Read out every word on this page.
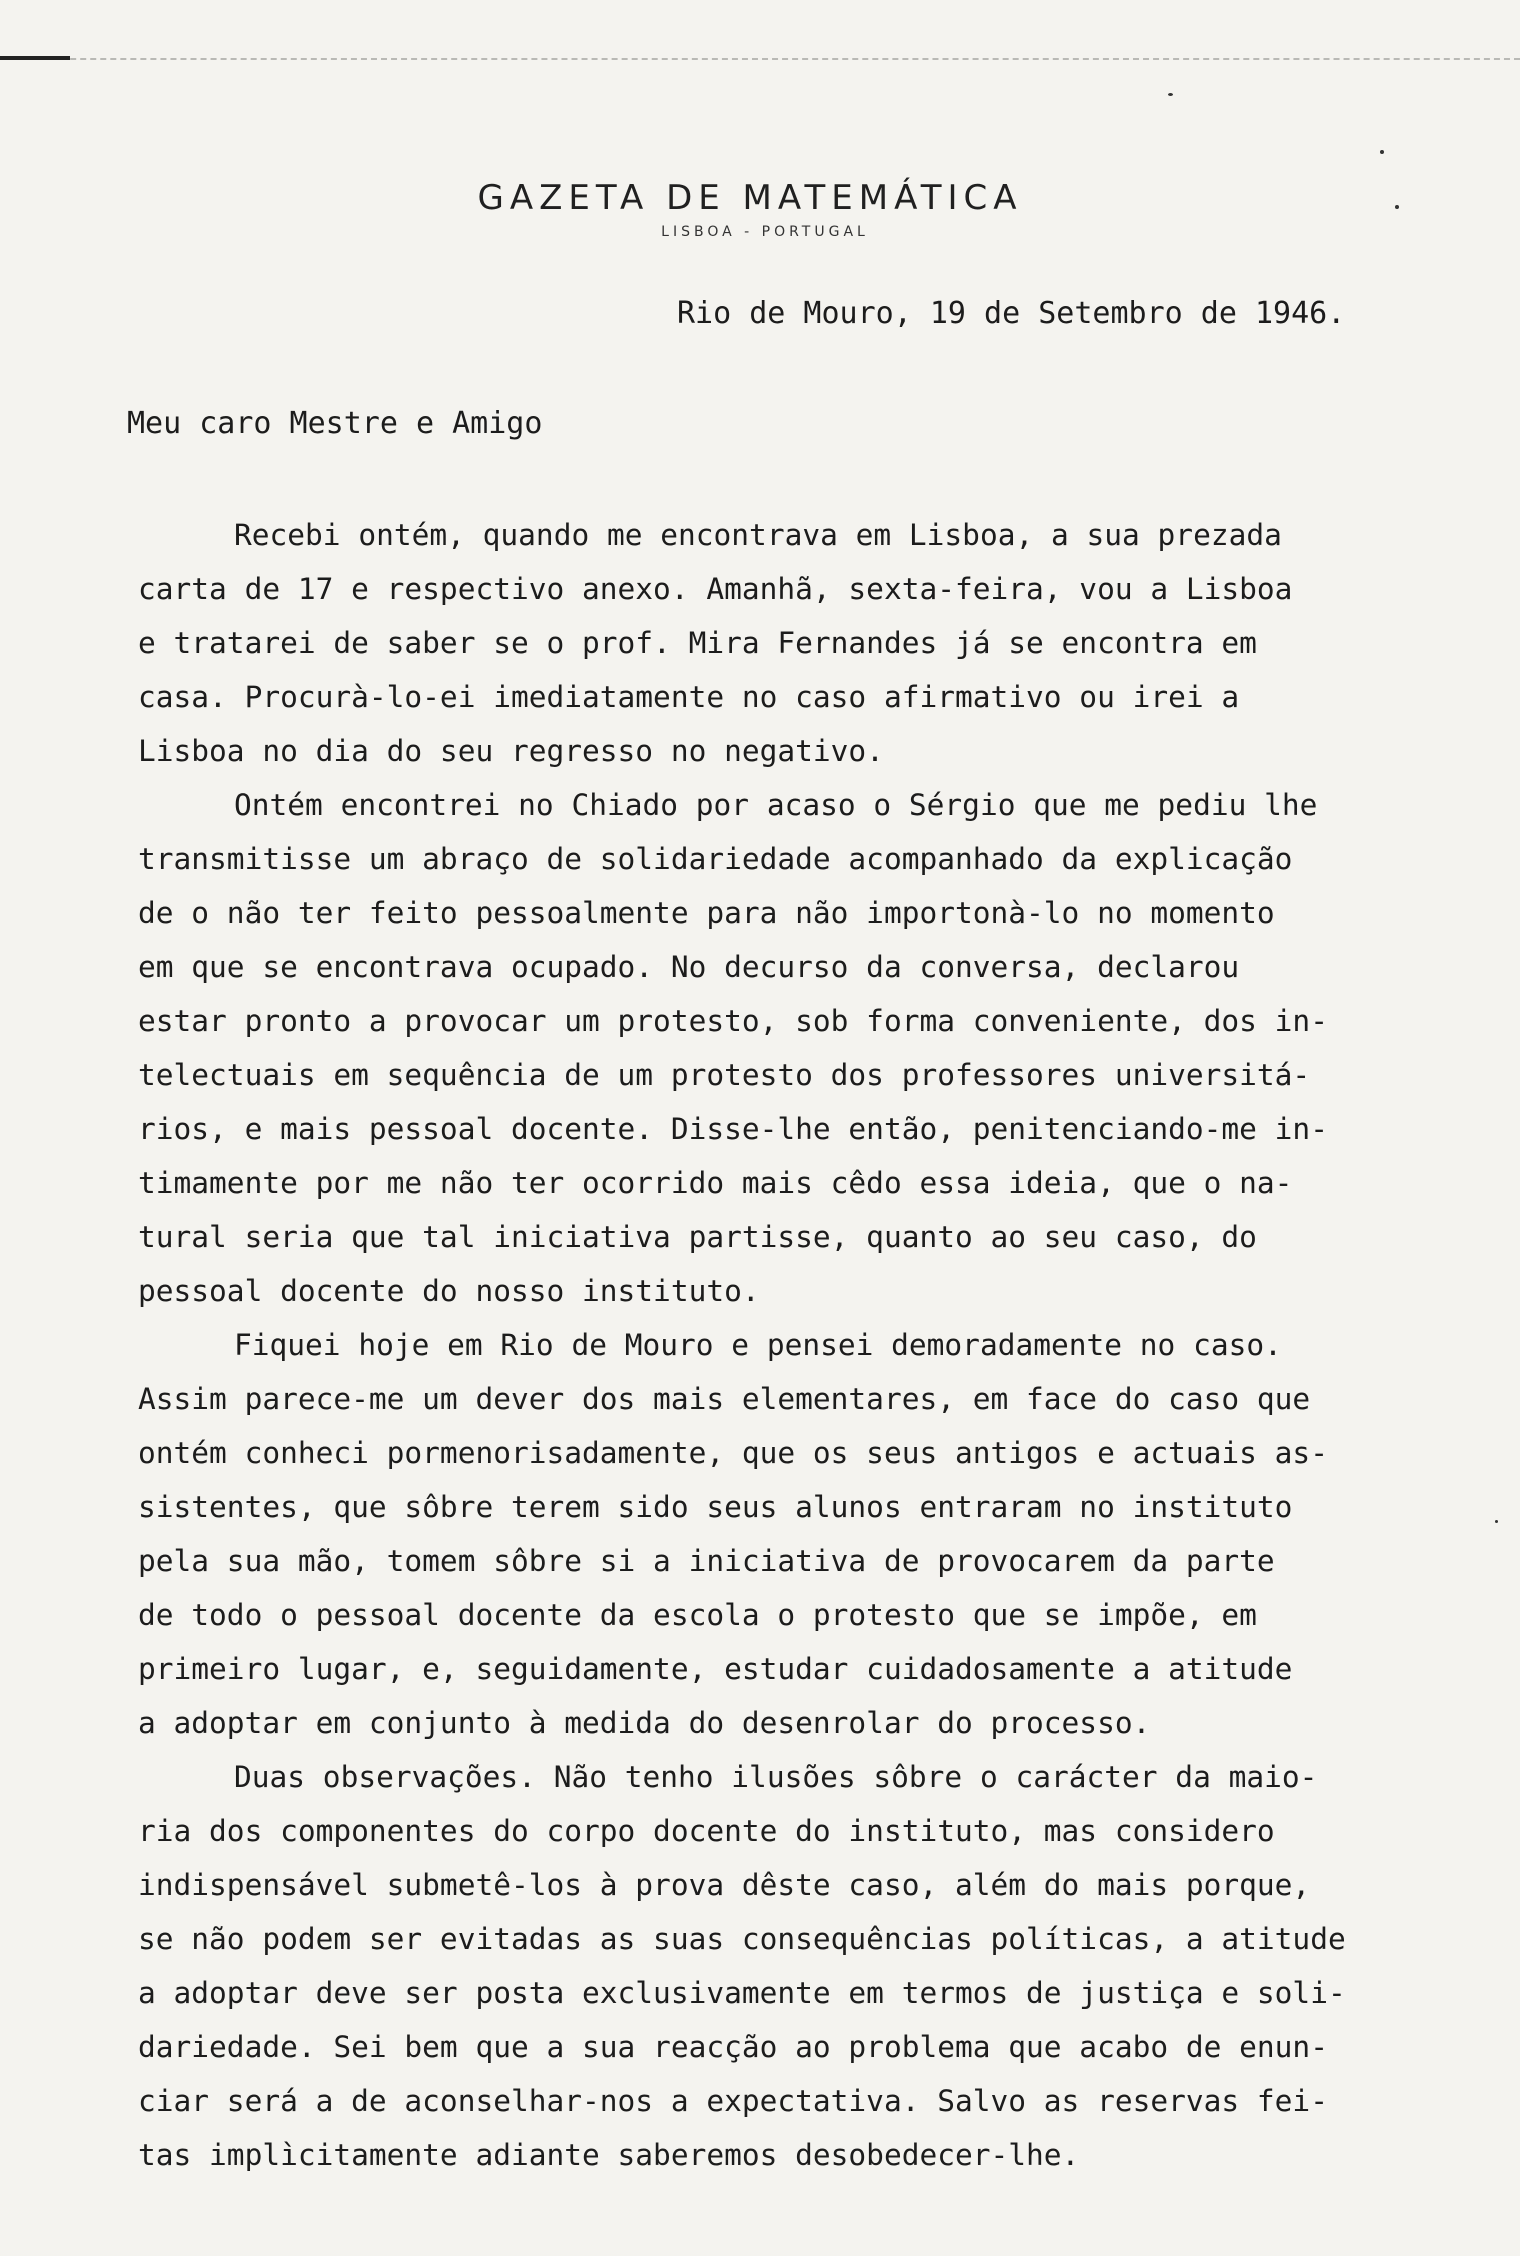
GAZETA DE MATEMÁTICA
LISBOA - PORTUGAL
Rio de Mouro, 19 de Setembro de 1946.
Meu caro Mestre e Amigo
Recebi ontém, quando me encontrava em Lisboa, a sua prezada
carta de 17 e respectivo anexo. Amanhã, sexta-feira, vou a Lisboa
e tratarei de saber se o prof. Mira Fernandes já se encontra em
casa. Procurà-lo-ei imediatamente no caso afirmativo ou irei a
Lisboa no dia do seu regresso no negativo.
Ontém encontrei no Chiado por acaso o Sérgio que me pediu lhe
transmitisse um abraço de solidariedade acompanhado da explicação
de o não ter feito pessoalmente para não importonà-lo no momento
em que se encontrava ocupado. No decurso da conversa, declarou
estar pronto a provocar um protesto, sob forma conveniente, dos in-
telectuais em sequência de um protesto dos professores universitá-
rios, e mais pessoal docente. Disse-lhe então, penitenciando-me in-
timamente por me não ter ocorrido mais cêdo essa ideia, que o na-
tural seria que tal iniciativa partisse, quanto ao seu caso, do
pessoal docente do nosso instituto.
Fiquei hoje em Rio de Mouro e pensei demoradamente no caso.
Assim parece-me um dever dos mais elementares, em face do caso que
ontém conheci pormenorisadamente, que os seus antigos e actuais as-
sistentes, que sôbre terem sido seus alunos entraram no instituto
pela sua mão, tomem sôbre si a iniciativa de provocarem da parte
de todo o pessoal docente da escola o protesto que se impõe, em
primeiro lugar, e, seguidamente, estudar cuidadosamente a atitude
a adoptar em conjunto à medida do desenrolar do processo.
Duas observações. Não tenho ilusões sôbre o carácter da maio-
ria dos componentes do corpo docente do instituto, mas considero
indispensável submetê-los à prova dêste caso, além do mais porque,
se não podem ser evitadas as suas consequências políticas, a atitude
a adoptar deve ser posta exclusivamente em termos de justiça e soli-
dariedade. Sei bem que a sua reacção ao problema que acabo de enun-
ciar será a de aconselhar-nos a expectativa. Salvo as reservas fei-
tas implìcitamente adiante saberemos desobedecer-lhe.
